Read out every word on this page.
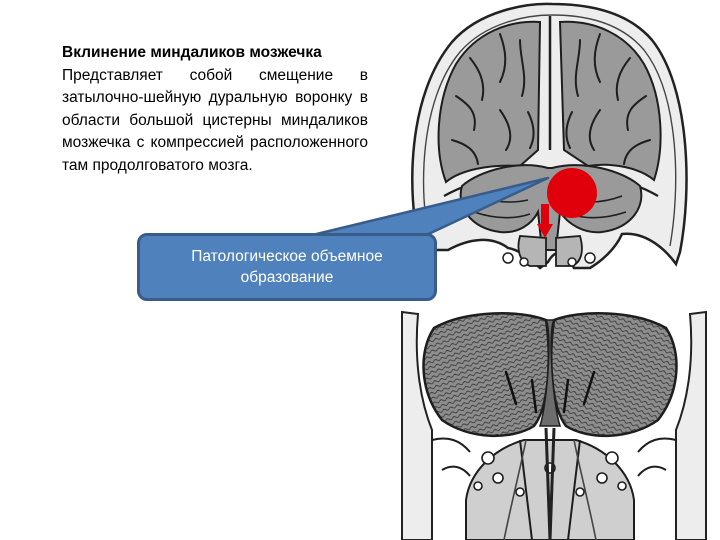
Вклинение миндаликов мозжечка

Представляет собой смещение в затылочно-шейную дуральную воронку в области большой цистерны миндаликов мозжечка с компрессией расположенного там продолговатого мозга.

Патологическое объемное образование
